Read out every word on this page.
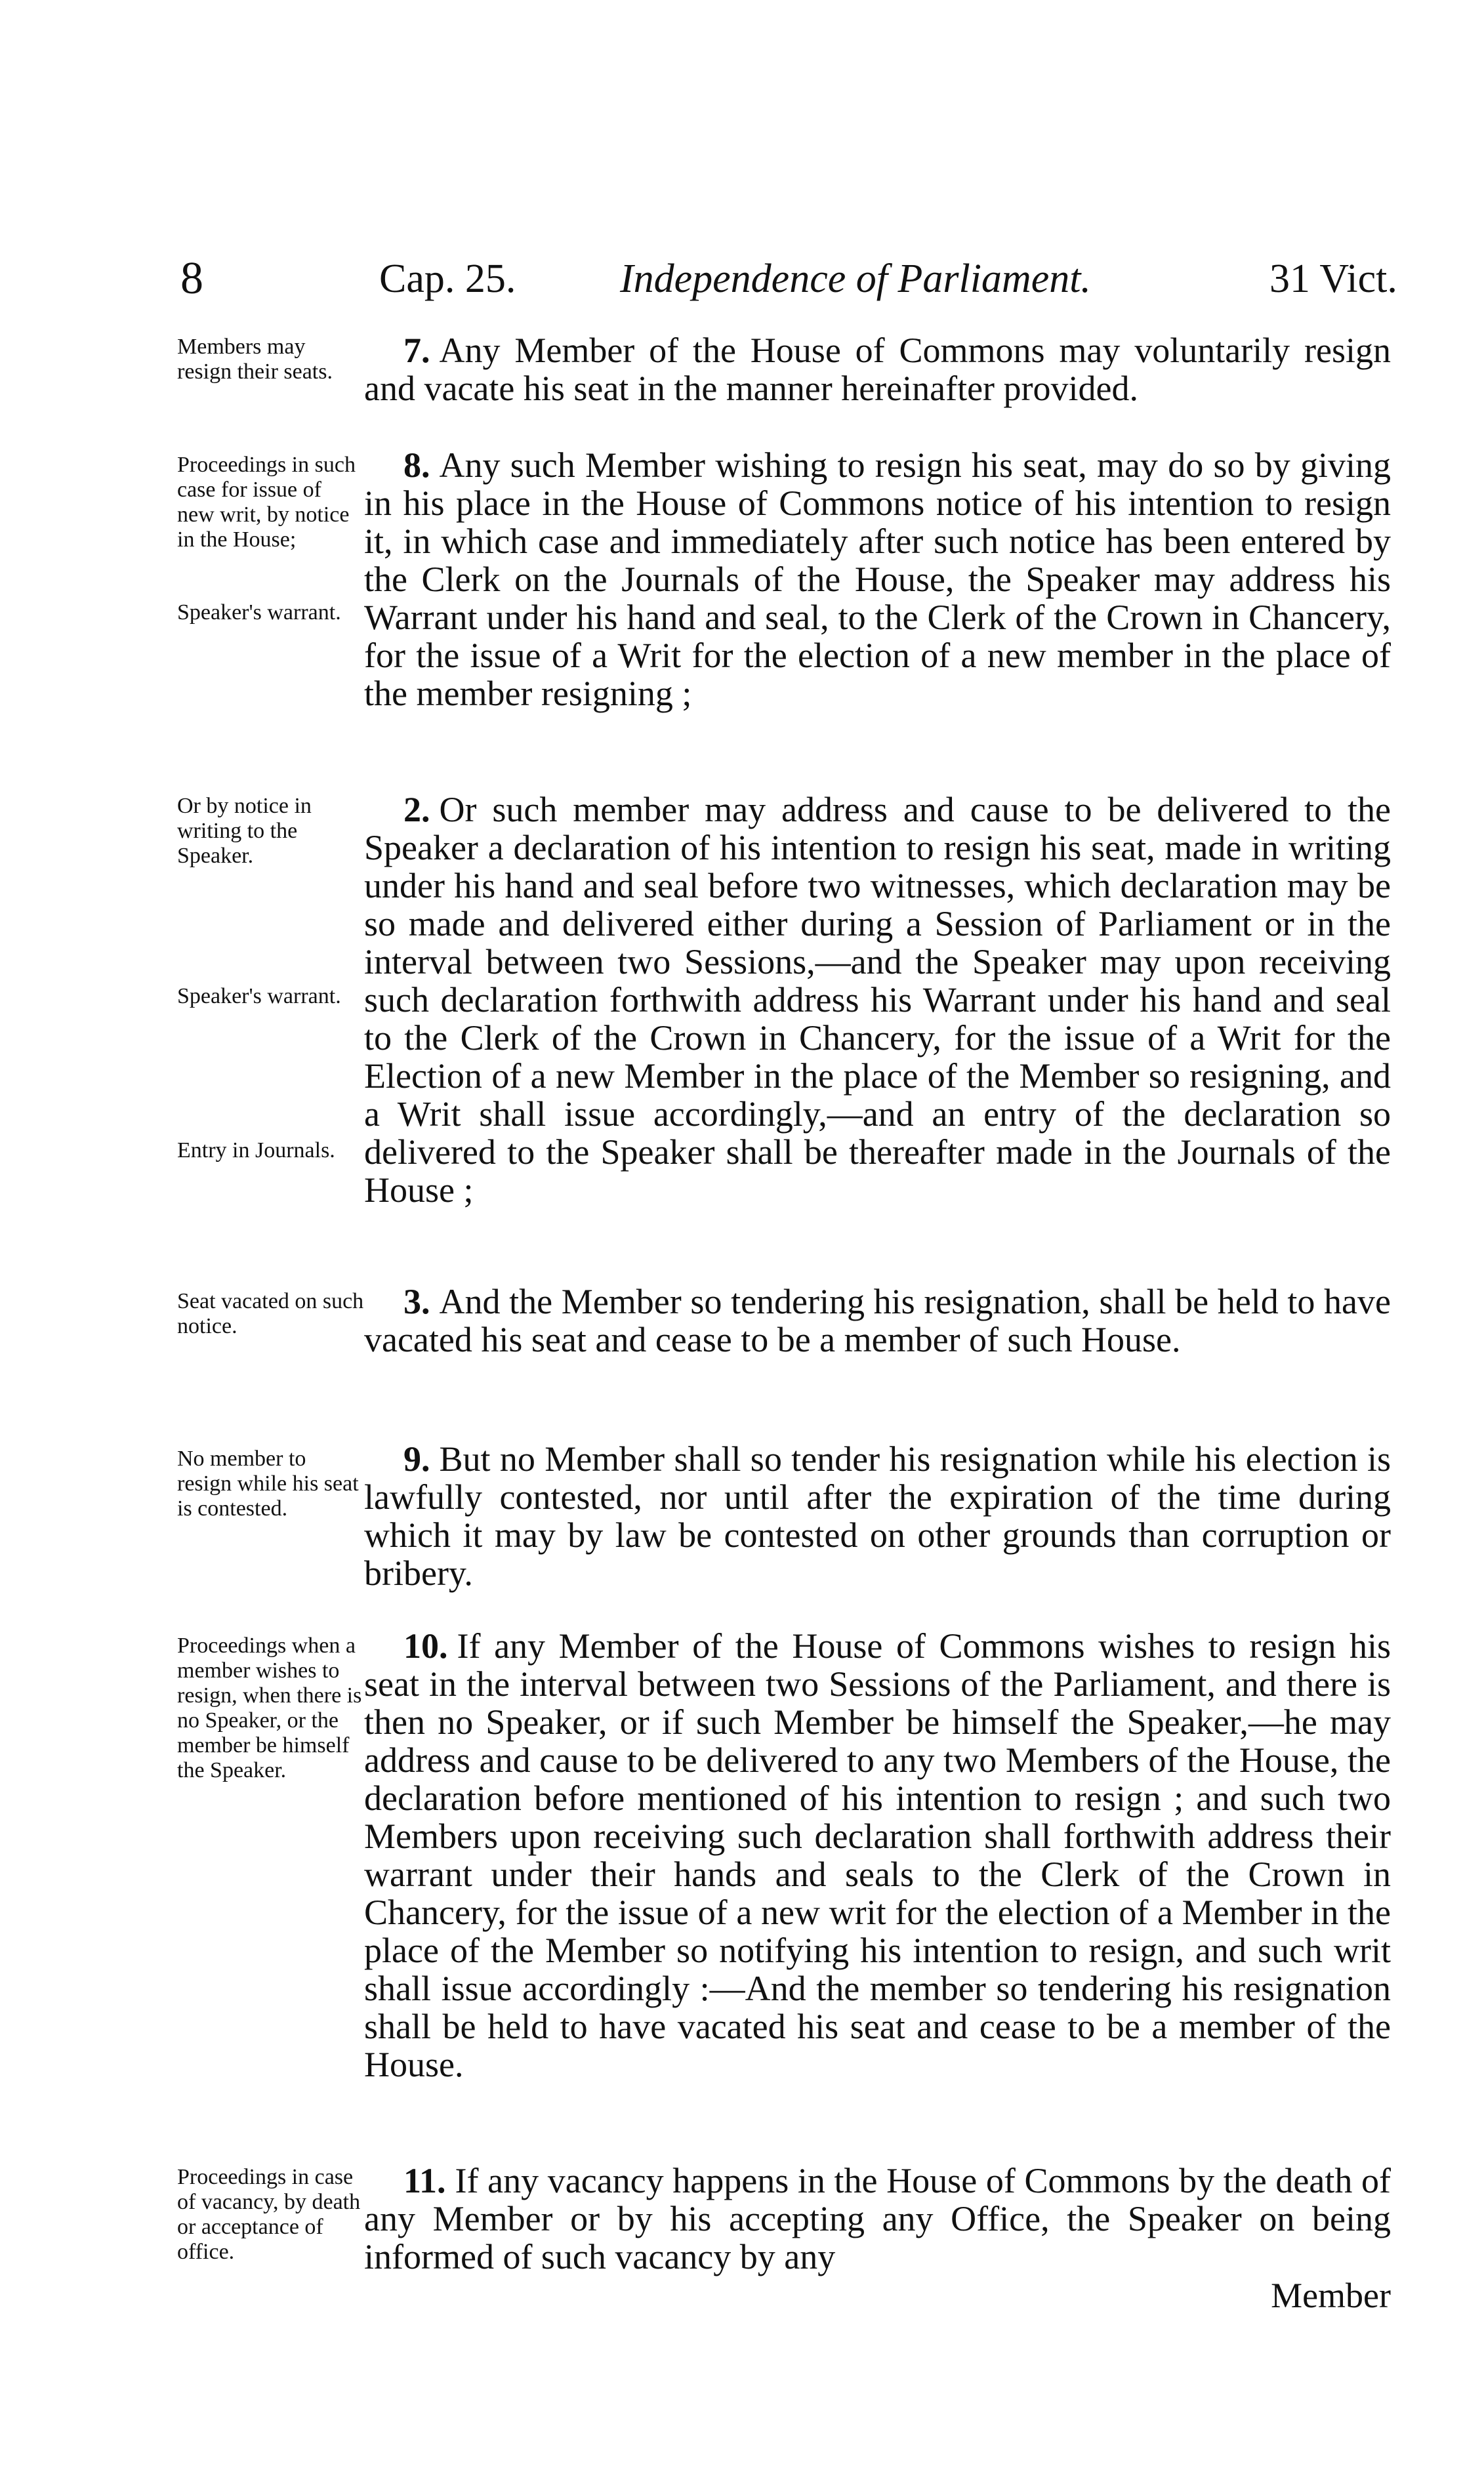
8	Cap. 25.	Independence of Parliament.	31 Vict.
Members may resign their seats.
7. Any Member of the House of Commons may voluntarily resign and vacate his seat in the manner hereinafter provided.
Proceedings in such case for issue of new writ, by notice in the House;
Speaker's warrant.
8. Any such Member wishing to resign his seat, may do so by giving in his place in the House of Commons notice of his intention to resign it, in which case and immediately after such notice has been entered by the Clerk on the Journals of the House, the Speaker may address his Warrant under his hand and seal, to the Clerk of the Crown in Chancery, for the issue of a Writ for the election of a new member in the place of the member resigning ;
Or by notice in writing to the Speaker.
Speaker's warrant.
Entry in Journals.
2. Or such member may address and cause to be delivered to the Speaker a declaration of his intention to resign his seat, made in writing under his hand and seal before two witnesses, which declaration may be so made and delivered either during a Session of Parliament or in the interval between two Sessions,—and the Speaker may upon receiving such declaration forthwith address his Warrant under his hand and seal to the Clerk of the Crown in Chancery, for the issue of a Writ for the Election of a new Member in the place of the Member so resigning, and a Writ shall issue accordingly,—and an entry of the declaration so delivered to the Speaker shall be thereafter made in the Journals of the House ;
Seat vacated on such notice.
3. And the Member so tendering his resignation, shall be held to have vacated his seat and cease to be a member of such House.
No member to resign while his seat is contested.
9. But no Member shall so tender his resignation while his election is lawfully contested, nor until after the expiration of the time during which it may by law be contested on other grounds than corruption or bribery.
Proceedings when a member wishes to resign, when there is no Speaker, or the member be himself the Speaker.
10. If any Member of the House of Commons wishes to resign his seat in the interval between two Sessions of the Parliament, and there is then no Speaker, or if such Member be himself the Speaker,—he may address and cause to be delivered to any two Members of the House, the declaration before mentioned of his intention to resign ; and such two Members upon receiving such declaration shall forthwith address their warrant under their hands and seals to the Clerk of the Crown in Chancery, for the issue of a new writ for the election of a Member in the place of the Member so notifying his intention to resign, and such writ shall issue accordingly :—And the member so tendering his resignation shall be held to have vacated his seat and cease to be a member of the House.
Proceedings in case of vacancy, by death or acceptance of office.
11. If any vacancy happens in the House of Commons by the death of any Member or by his accepting any Office, the Speaker on being informed of such vacancy by any
Member
